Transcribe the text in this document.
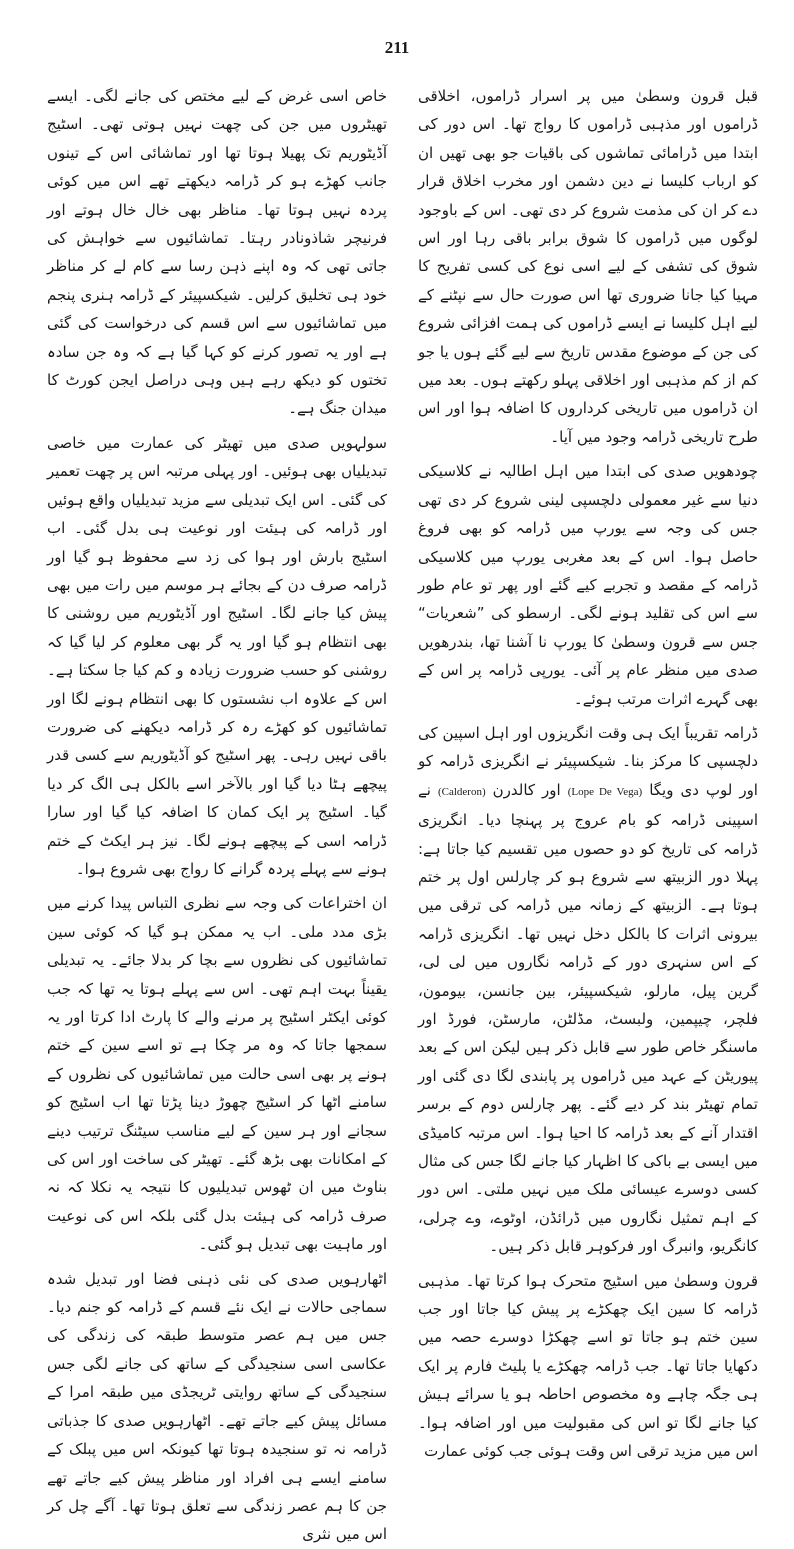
211

قبل قرون وسطیٰ میں پر اسرار ڈراموں، اخلاقی ڈراموں اور مذہبی ڈراموں کا رواج تھا۔ اس دور کی ابتدا میں ڈرامائی تماشوں کی باقیات جو بھی تھیں ان کو ارباب کلیسا نے دین دشمن اور مخرب اخلاق قرار دے کر ان کی مذمت شروع کر دی تھی۔ اس کے باوجود لوگوں میں ڈراموں کا شوق برابر باقی رہا اور اس شوق کی تشفی کے لیے اسی نوع کی کسی تفریح کا مہیا کیا جانا ضروری تھا اس صورت حال سے نپٹنے کے لیے اہل کلیسا نے ایسے ڈراموں کی ہمت افزائی شروع کی جن کے موضوع مقدس تاریخ سے لیے گئے ہوں یا جو کم از کم مذہبی اور اخلاقی پہلو رکھتے ہوں۔ بعد میں ان ڈراموں میں تاریخی کرداروں کا اضافہ ہوا اور اس طرح تاریخی ڈرامہ وجود میں آیا۔

چودھویں صدی کی ابتدا میں اہل اطالیہ نے کلاسیکی دنیا سے غیر معمولی دلچسپی لینی شروع کر دی تھی جس کی وجہ سے یورپ میں ڈرامہ کو بھی فروغ حاصل ہوا۔ اس کے بعد مغربی یورپ میں کلاسیکی ڈرامہ کے مقصد و تجربے کیے گئے اور پھر تو عام طور سے اس کی تقلید ہونے لگی۔ ارسطو کی ”شعریات“ جس سے قرون وسطیٰ کا یورپ نا آشنا تھا، بندرھویں صدی میں منظر عام پر آئی۔ یورپی ڈرامہ پر اس کے بھی گہرے اثرات مرتب ہوئے۔

ڈرامہ تقریباً ایک ہی وقت انگریزوں اور اہل اسپین کی دلچسپی کا مرکز بنا۔ شیکسپیئر نے انگریزی ڈرامہ کو اور لوپ دی ویگا (Lope De Vega) اور کالدرن (Calderon) نے اسپینی ڈرامہ کو بام عروج پر پہنچا دیا۔ انگریزی ڈرامہ کی تاریخ کو دو حصوں میں تقسیم کیا جاتا ہے: پہلا دور الزبیتھ سے شروع ہو کر چارلس اول پر ختم ہوتا ہے۔ الزبیتھ کے زمانہ میں ڈرامہ کی ترقی میں بیرونی اثرات کا بالکل دخل نہیں تھا۔ انگریزی ڈرامہ کے اس سنہری دور کے ڈرامہ نگاروں میں لی لی، گرین پیل، مارلو، شیکسپیئر، بین جانسن، بیومون، فلچر، چیپمین، ولبسٹ، مڈلٹن، مارسٹن، فورڈ اور ماسنگر خاص طور سے قابل ذکر ہیں لیکن اس کے بعد پیوریٹن کے عہد میں ڈراموں پر پابندی لگا دی گئی اور تمام تھیٹر بند کر دیے گئے۔ پھر چارلس دوم کے برسر اقتدار آنے کے بعد ڈرامہ کا احیا ہوا۔ اس مرتبہ کامیڈی میں ایسی بے باکی کا اظہار کیا جانے لگا جس کی مثال کسی دوسرے عیسائی ملک میں نہیں ملتی۔ اس دور کے اہم تمثیل نگاروں میں ڈرائڈن، اوٹوے، وے چرلی، کانگریو، وانبرگ اور فرکوہر قابل ذکر ہیں۔

قرون وسطیٰ میں اسٹیج متحرک ہوا کرتا تھا۔ مذہبی ڈرامہ کا سین ایک چھکڑے پر پیش کیا جاتا اور جب سین ختم ہو جاتا تو اسے چھکڑا دوسرے حصہ میں دکھایا جاتا تھا۔ جب ڈرامہ چھکڑے یا پلیٹ فارم پر ایک ہی جگہ چاہے وہ مخصوص احاطہ ہو یا سرائے ہیش کیا جانے لگا تو اس کی مقبولیت میں اور اضافہ ہوا۔ اس میں مزید ترقی اس وقت ہوئی جب کوئی عمارت

خاص اسی غرض کے لیے مختص کی جانے لگی۔ ایسے تھیٹروں میں جن کی چھت نہیں ہوتی تھی۔ اسٹیج آڈیٹوریم تک پھیلا ہوتا تھا اور تماشائی اس کے تینوں جانب کھڑے ہو کر ڈرامہ دیکھتے تھے اس میں کوئی پردہ نہیں ہوتا تھا۔ مناظر بھی خال خال ہوتے اور فرنیچر شاذونادر رہتا۔ تماشائیوں سے خواہش کی جاتی تھی کہ وہ اپنے ذہن رسا سے کام لے کر مناظر خود ہی تخلیق کرلیں۔ شیکسپیئر کے ڈرامہ ہنری پنجم میں تماشائیوں سے اس قسم کی درخواست کی گئی ہے اور یہ تصور کرنے کو کہا گیا ہے کہ وہ جن سادہ تختوں کو دیکھ رہے ہیں وہی دراصل ایجن کورٹ کا میدان جنگ ہے۔

سولہویں صدی میں تھیٹر کی عمارت میں خاصی تبدیلیاں بھی ہوئیں۔ اور پہلی مرتبہ اس پر چھت تعمیر کی گئی۔ اس ایک تبدیلی سے مزید تبدیلیاں واقع ہوئیں اور ڈرامہ کی ہیئت اور نوعیت ہی بدل گئی۔ اب اسٹیج بارش اور ہوا کی زد سے محفوظ ہو گیا اور ڈرامہ صرف دن کے بجائے ہر موسم میں رات میں بھی پیش کیا جانے لگا۔ اسٹیج اور آڈیٹوریم میں روشنی کا بھی انتظام ہو گیا اور یہ گر بھی معلوم کر لیا گیا کہ روشنی کو حسب ضرورت زیادہ و کم کیا جا سکتا ہے۔ اس کے علاوہ اب نشستوں کا بھی انتظام ہونے لگا اور تماشائیوں کو کھڑے رہ کر ڈرامہ دیکھنے کی ضرورت باقی نہیں رہی۔ پھر اسٹیج کو آڈیٹوریم سے کسی قدر پیچھے ہٹا دیا گیا اور بالآخر اسے بالکل ہی الگ کر دیا گیا۔ اسٹیج پر ایک کمان کا اضافہ کیا گیا اور سارا ڈرامہ اسی کے پیچھے ہونے لگا۔ نیز ہر ایکٹ کے ختم ہونے سے پہلے پردہ گرانے کا رواج بھی شروع ہوا۔

ان اختراعات کی وجہ سے نظری التباس پیدا کرنے میں بڑی مدد ملی۔ اب یہ ممکن ہو گیا کہ کوئی سین تماشائیوں کی نظروں سے بچا کر بدلا جائے۔ یہ تبدیلی یقیناً بہت اہم تھی۔ اس سے پہلے ہوتا یہ تھا کہ جب کوئی ایکٹر اسٹیج پر مرنے والے کا پارٹ ادا کرتا اور یہ سمجھا جاتا کہ وہ مر چکا ہے تو اسے سین کے ختم ہونے پر بھی اسی حالت میں تماشائیوں کی نظروں کے سامنے اٹھا کر اسٹیج چھوڑ دینا پڑتا تھا اب اسٹیج کو سجانے اور ہر سین کے لیے مناسب سیٹنگ ترتیب دینے کے امکانات بھی بڑھ گئے۔ تھیٹر کی ساخت اور اس کی بناوٹ میں ان ٹھوس تبدیلیوں کا نتیجہ یہ نکلا کہ نہ صرف ڈرامہ کی ہیئت بدل گئی بلکہ اس کی نوعیت اور ماہیت بھی تبدیل ہو گئی۔

اٹھارہویں صدی کی نئی ذہنی فضا اور تبدیل شدہ سماجی حالات نے ایک نئے قسم کے ڈرامہ کو جنم دیا۔ جس میں ہم عصر متوسط طبقہ کی زندگی کی عکاسی اسی سنجیدگی کے ساتھ کی جانے لگی جس سنجیدگی کے ساتھ روایتی ٹریجڈی میں طبقہ امرا کے مسائل پیش کیے جاتے تھے۔ اٹھارہویں صدی کا جذباتی ڈرامہ نہ تو سنجیدہ ہوتا تھا کیونکہ اس میں پبلک کے سامنے ایسے ہی افراد اور مناظر پیش کیے جاتے تھے جن کا ہم عصر زندگی سے تعلق ہوتا تھا۔ آگے چل کر اس میں نثری
